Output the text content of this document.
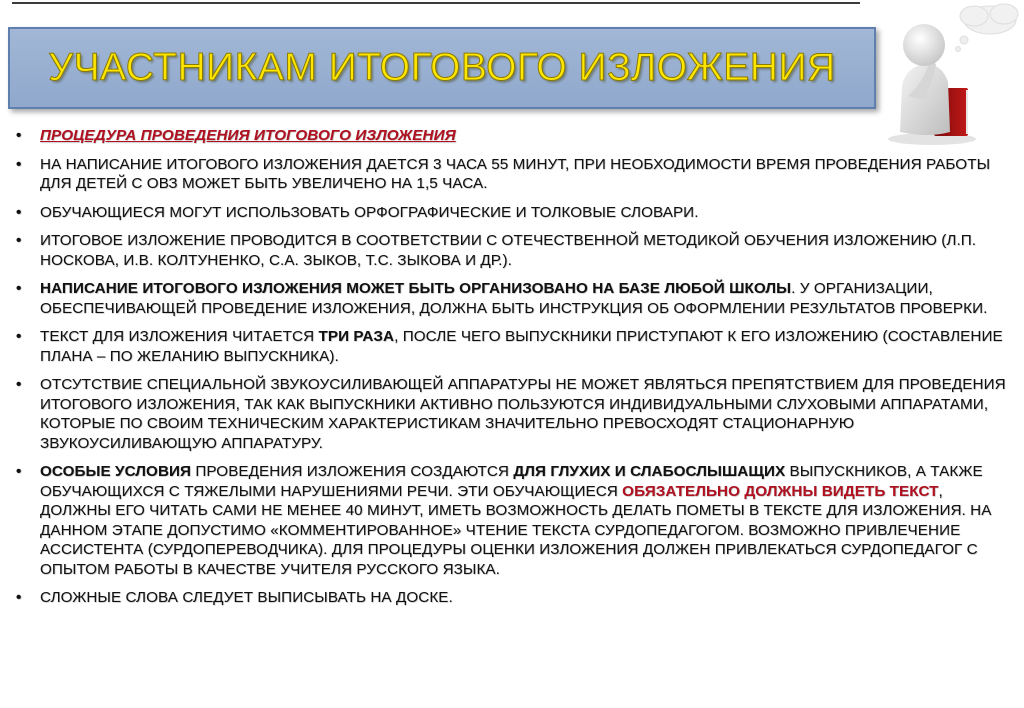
УЧАСТНИКАМ ИТОГОВОГО ИЗЛОЖЕНИЯ
• ПРОЦЕДУРА ПРОВЕДЕНИЯ ИТОГОВОГО ИЗЛОЖЕНИЯ
• НА НАПИСАНИЕ ИТОГОВОГО ИЗЛОЖЕНИЯ ДАЕТСЯ 3 ЧАСА 55 МИНУТ, ПРИ НЕОБХОДИМОСТИ ВРЕМЯ ПРОВЕДЕНИЯ РАБОТЫ ДЛЯ ДЕТЕЙ С ОВЗ МОЖЕТ БЫТЬ УВЕЛИЧЕНО НА 1,5 ЧАСА.
• ОБУЧАЮЩИЕСЯ МОГУТ ИСПОЛЬЗОВАТЬ ОРФОГРАФИЧЕСКИЕ И ТОЛКОВЫЕ СЛОВАРИ.
• ИТОГОВОЕ ИЗЛОЖЕНИЕ ПРОВОДИТСЯ В СООТВЕТСТВИИ С ОТЕЧЕСТВЕННОЙ МЕТОДИКОЙ ОБУЧЕНИЯ ИЗЛОЖЕНИЮ (Л.П. НОСКОВА, И.В. КОЛТУНЕНКО, С.А. ЗЫКОВ, Т.С. ЗЫКОВА И ДР.).
• НАПИСАНИЕ ИТОГОВОГО ИЗЛОЖЕНИЯ МОЖЕТ БЫТЬ ОРГАНИЗОВАНО НА БАЗЕ ЛЮБОЙ ШКОЛЫ. У ОРГАНИЗАЦИИ, ОБЕСПЕЧИВАЮЩЕЙ ПРОВЕДЕНИЕ ИЗЛОЖЕНИЯ, ДОЛЖНА БЫТЬ ИНСТРУКЦИЯ ОБ ОФОРМЛЕНИИ РЕЗУЛЬТАТОВ ПРОВЕРКИ.
• ТЕКСТ ДЛЯ ИЗЛОЖЕНИЯ ЧИТАЕТСЯ ТРИ РАЗА, ПОСЛЕ ЧЕГО ВЫПУСКНИКИ ПРИСТУПАЮТ К ЕГО ИЗЛОЖЕНИЮ (СОСТАВЛЕНИЕ ПЛАНА – ПО ЖЕЛАНИЮ ВЫПУСКНИКА).
• ОТСУТСТВИЕ СПЕЦИАЛЬНОЙ ЗВУКОУСИЛИВАЮЩЕЙ АППАРАТУРЫ НЕ МОЖЕТ ЯВЛЯТЬСЯ ПРЕПЯТСТВИЕМ ДЛЯ ПРОВЕДЕНИЯ ИТОГОВОГО ИЗЛОЖЕНИЯ, ТАК КАК ВЫПУСКНИКИ АКТИВНО ПОЛЬЗУЮТСЯ ИНДИВИДУАЛЬНЫМИ СЛУХОВЫМИ АППАРАТАМИ, КОТОРЫЕ ПО СВОИМ ТЕХНИЧЕСКИМ ХАРАКТЕРИСТИКАМ ЗНАЧИТЕЛЬНО ПРЕВОСХОДЯТ СТАЦИОНАРНУЮ ЗВУКОУСИЛИВАЮЩУЮ АППАРАТУРУ.
• ОСОБЫЕ УСЛОВИЯ ПРОВЕДЕНИЯ ИЗЛОЖЕНИЯ СОЗДАЮТСЯ ДЛЯ ГЛУХИХ И СЛАБОСЛЫШАЩИХ ВЫПУСКНИКОВ, А ТАКЖЕ ОБУЧАЮЩИХСЯ С ТЯЖЕЛЫМИ НАРУШЕНИЯМИ РЕЧИ. ЭТИ ОБУЧАЮЩИЕСЯ ОБЯЗАТЕЛЬНО ДОЛЖНЫ ВИДЕТЬ ТЕКСТ, ДОЛЖНЫ ЕГО ЧИТАТЬ САМИ НЕ МЕНЕЕ 40 МИНУТ, ИМЕТЬ ВОЗМОЖНОСТЬ ДЕЛАТЬ ПОМЕТЫ В ТЕКСТЕ ДЛЯ ИЗЛОЖЕНИЯ. НА ДАННОМ ЭТАПЕ ДОПУСТИМО «КОММЕНТИРОВАННОЕ» ЧТЕНИЕ ТЕКСТА СУРДОПЕДАГОГОМ. ВОЗМОЖНО ПРИВЛЕЧЕНИЕ АССИСТЕНТА (СУРДОПЕРЕВОДЧИКА). ДЛЯ ПРОЦЕДУРЫ ОЦЕНКИ ИЗЛОЖЕНИЯ ДОЛЖЕН ПРИВЛЕКАТЬСЯ СУРДОПЕДАГОГ С ОПЫТОМ РАБОТЫ В КАЧЕСТВЕ УЧИТЕЛЯ РУССКОГО ЯЗЫКА.
• СЛОЖНЫЕ СЛОВА СЛЕДУЕТ ВЫПИСЫВАТЬ НА ДОСКЕ.
